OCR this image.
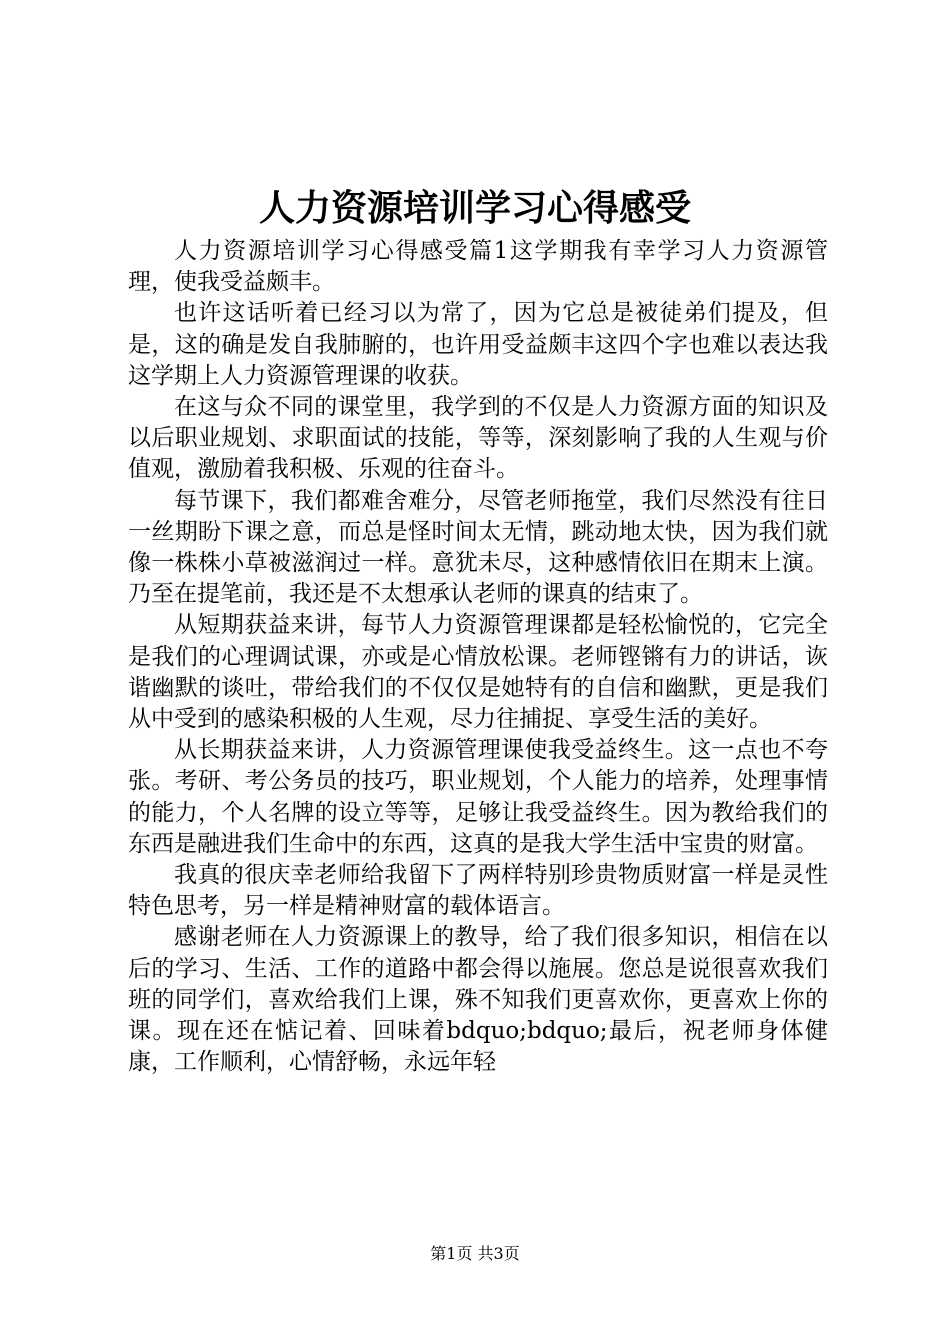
人力资源培训学习心得感受

人力资源培训学习心得感受篇1这学期我有幸学习人力资源管理，使我受益颇丰。

也许这话听着已经习以为常了，因为它总是被徒弟们提及，但是，这的确是发自我肺腑的，也许用受益颇丰这四个字也难以表达我这学期上人力资源管理课的收获。

在这与众不同的课堂里，我学到的不仅是人力资源方面的知识及以后职业规划、求职面试的技能，等等，深刻影响了我的人生观与价值观，激励着我积极、乐观的往奋斗。

每节课下，我们都难舍难分，尽管老师拖堂，我们尽然没有往日一丝期盼下课之意，而总是怪时间太无情，跳动地太快，因为我们就像一株株小草被滋润过一样。意犹未尽，这种感情依旧在期末上演。乃至在提笔前，我还是不太想承认老师的课真的结束了。

从短期获益来讲，每节人力资源管理课都是轻松愉悦的，它完全是我们的心理调试课，亦或是心情放松课。老师铿锵有力的讲话，诙谐幽默的谈吐，带给我们的不仅仅是她特有的自信和幽默，更是我们从中受到的感染积极的人生观，尽力往捕捉、享受生活的美好。

从长期获益来讲，人力资源管理课使我受益终生。这一点也不夸张。考研、考公务员的技巧，职业规划，个人能力的培养，处理事情的能力，个人名牌的设立等等，足够让我受益终生。因为教给我们的东西是融进我们生命中的东西，这真的是我大学生活中宝贵的财富。

我真的很庆幸老师给我留下了两样特别珍贵物质财富一样是灵性特色思考，另一样是精神财富的载体语言。

感谢老师在人力资源课上的教导，给了我们很多知识，相信在以后的学习、生活、工作的道路中都会得以施展。您总是说很喜欢我们班的同学们，喜欢给我们上课，殊不知我们更喜欢你，更喜欢上你的课。现在还在惦记着、回味着bdquo;bdquo;最后，祝老师身体健康，工作顺利，心情舒畅，永远年轻

第1页 共3页
